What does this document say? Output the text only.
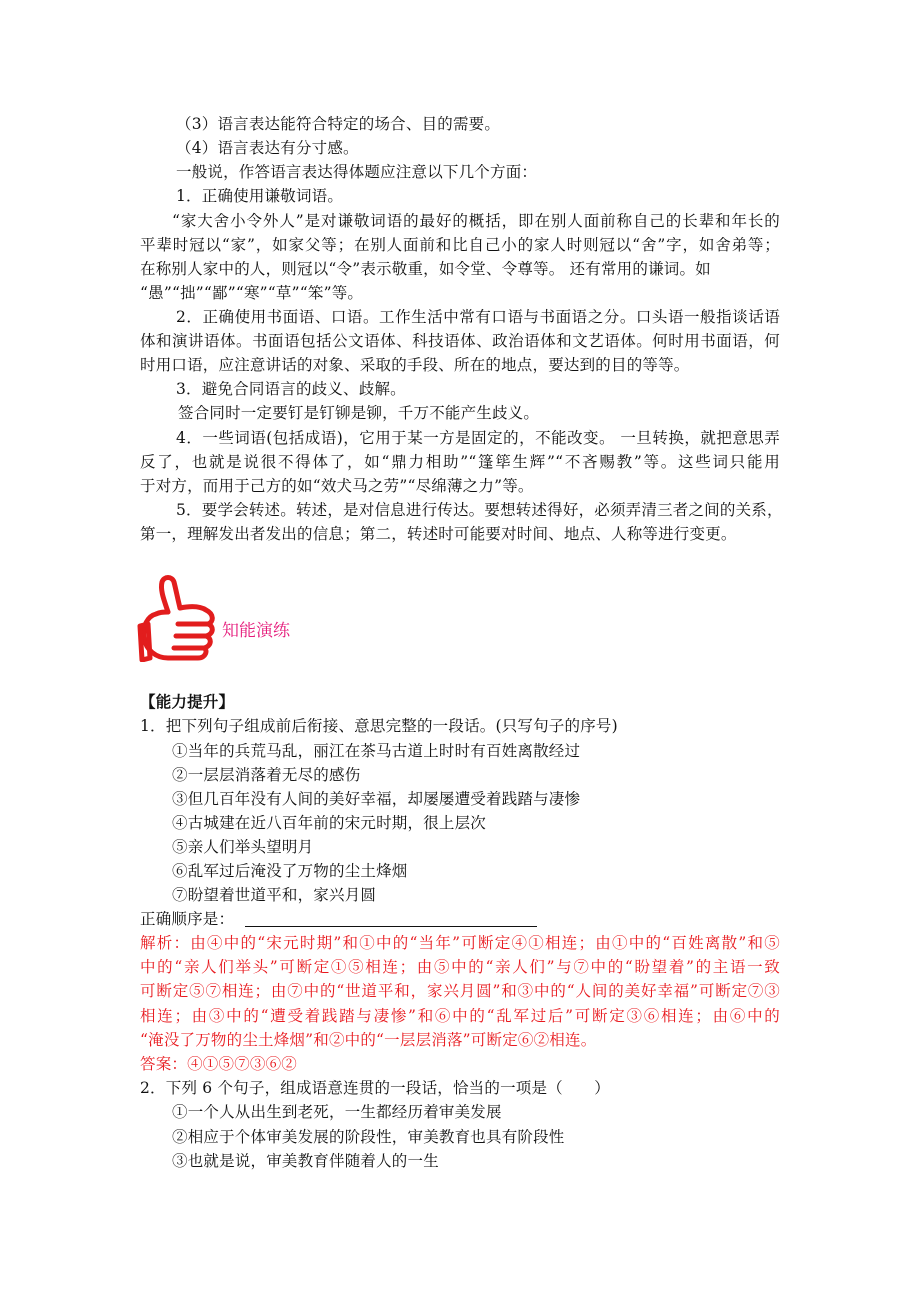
（3）语言表达能符合特定的场合、目的需要。
（4）语言表达有分寸感。
一般说，作答语言表达得体题应注意以下几个方面：
1．正确使用谦敬词语。
“家大舍小令外人”是对谦敬词语的最好的概括，即在别人面前称自己的长辈和年长的
平辈时冠以“家”，如家父等；在别人面前和比自己小的家人时则冠以“舍”字，如舍弟等；
在称别人家中的人，则冠以“令”表示敬重，如令堂、令尊等。 还有常用的谦词。如
“愚”“拙”“鄙”“寒”“草”“笨”等。
2．正确使用书面语、口语。工作生活中常有口语与书面语之分。口头语一般指谈话语
体和演讲语体。书面语包括公文语体、科技语体、政治语体和文艺语体。何时用书面语，何
时用口语，应注意讲话的对象、采取的手段、所在的地点，要达到的目的等等。
3．避免合同语言的歧义、歧解。
签合同时一定要钉是钉铆是铆，千万不能产生歧义。
4．一些词语(包括成语)，它用于某一方是固定的，不能改变。 一旦转换，就把意思弄
反了，也就是说很不得体了，如“鼎力相助”“篷筚生辉”“不吝赐教”等。这些词只能用
于对方，而用于己方的如“效犬马之劳”“尽绵薄之力”等。
5．要学会转述。转述，是对信息进行传达。要想转述得好，必须弄清三者之间的关系，
第一，理解发出者发出的信息；第二，转述时可能要对时间、地点、人称等进行变更。
知能演练
【能力提升】
1．把下列句子组成前后衔接、意思完整的一段话。(只写句子的序号)
①当年的兵荒马乱，丽江在茶马古道上时时有百姓离散经过
②一层层消落着无尽的感伤
③但几百年没有人间的美好幸福，却屡屡遭受着践踏与凄惨
④古城建在近八百年前的宋元时期，很上层次
⑤亲人们举头望明月
⑥乱军过后淹没了万物的尘土烽烟
⑦盼望着世道平和，家兴月圆
正确顺序是：
解析：由④中的“宋元时期”和①中的“当年”可断定④①相连；由①中的“百姓离散”和⑤
中的“亲人们举头”可断定①⑤相连；由⑤中的“亲人们”与⑦中的“盼望着”的主语一致
可断定⑤⑦相连；由⑦中的“世道平和，家兴月圆”和③中的“人间的美好幸福”可断定⑦③
相连；由③中的“遭受着践踏与凄惨”和⑥中的“乱军过后”可断定③⑥相连；由⑥中的
“淹没了万物的尘土烽烟”和②中的“一层层消落”可断定⑥②相连。
答案：④①⑤⑦③⑥②
2．下列 6 个句子，组成语意连贯的一段话，恰当的一项是（　　）
①一个人从出生到老死，一生都经历着审美发展
②相应于个体审美发展的阶段性，审美教育也具有阶段性
③也就是说，审美教育伴随着人的一生
